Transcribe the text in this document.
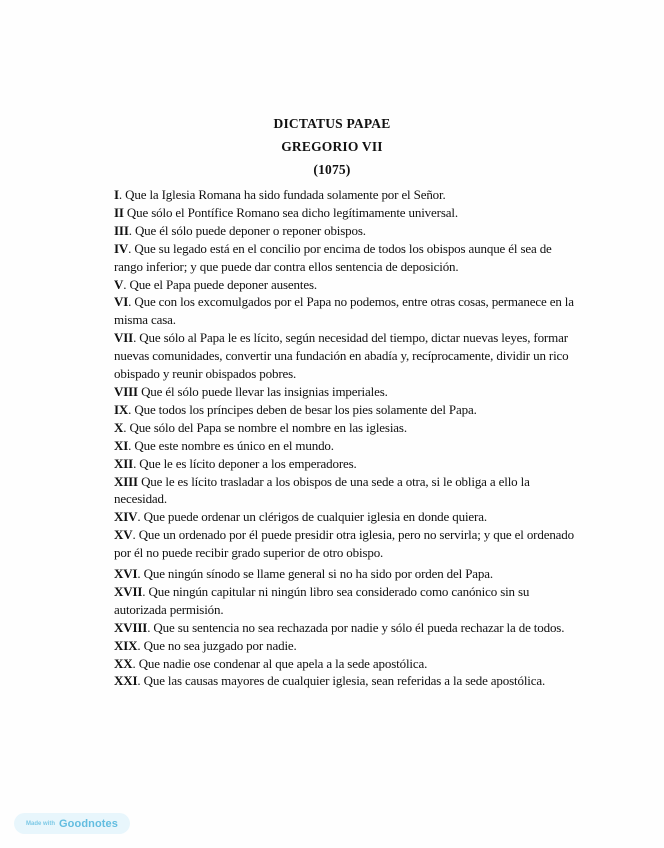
DICTATUS PAPAE
GREGORIO VII
(1075)

I. Que la Iglesia Romana ha sido fundada solamente por el Señor.

II Que sólo el Pontífice Romano sea dicho legítimamente universal.

III. Que él sólo puede deponer o reponer obispos.

IV. Que su legado está en el concilio por encima de todos los obispos aunque él sea de rango inferior; y que puede dar contra ellos sentencia de deposición.

V. Que el Papa puede deponer ausentes.

VI. Que con los excomulgados por el Papa no podemos, entre otras cosas, permanece en la misma casa.

VII. Que sólo al Papa le es lícito, según necesidad del tiempo, dictar nuevas leyes, formar nuevas comunidades, convertir una fundación en abadía y, recíprocamente, dividir un rico obispado y reunir obispados pobres.

VIII Que él sólo puede llevar las insignias imperiales.

IX. Que todos los príncipes deben de besar los pies solamente del Papa.

X. Que sólo del Papa se nombre el nombre en las iglesias.

XI. Que este nombre es único en el mundo.

XII. Que le es lícito deponer a los emperadores.

XIII Que le es lícito trasladar a los obispos de una sede a otra, si le obliga a ello la necesidad.

XIV. Que puede ordenar un clérigos de cualquier iglesia en donde quiera.

XV. Que un ordenado por él puede presidir otra iglesia, pero no servirla; y que el ordenado por él no puede recibir grado superior de otro obispo.

XVI. Que ningún sínodo se llame general si no ha sido por orden del Papa.

XVII. Que ningún capitular ni ningún libro sea considerado como canónico sin su autorizada permisión.

XVIII. Que su sentencia no sea rechazada por nadie y sólo él pueda rechazar la de todos.

XIX. Que no sea juzgado por nadie.

XX. Que nadie ose condenar al que apela a la sede apostólica.

XXI. Que las causas mayores de cualquier iglesia, sean referidas a la sede apostólica.

Made with Goodnotes
